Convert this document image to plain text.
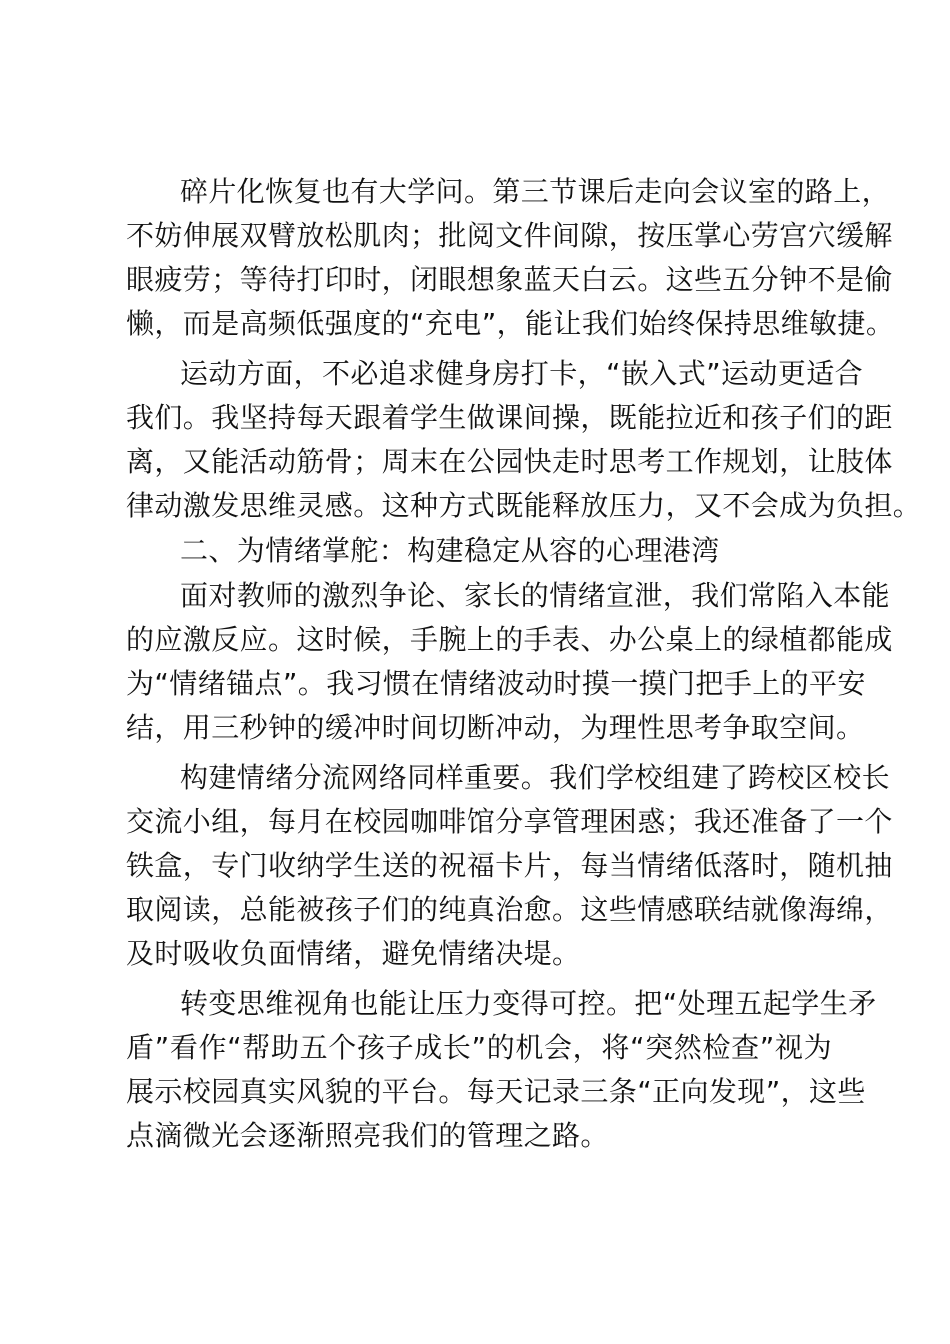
碎片化恢复也有大学问。第三节课后走向会议室的路上，
不妨伸展双臂放松肌肉；批阅文件间隙，按压掌心劳宫穴缓解
眼疲劳；等待打印时，闭眼想象蓝天白云。这些五分钟不是偷
懒，而是高频低强度的“充电”，能让我们始终保持思维敏捷。
运动方面，不必追求健身房打卡，“嵌入式”运动更适合
我们。我坚持每天跟着学生做课间操，既能拉近和孩子们的距
离，又能活动筋骨；周末在公园快走时思考工作规划，让肢体
律动激发思维灵感。这种方式既能释放压力，又不会成为负担。
二、为情绪掌舵：构建稳定从容的心理港湾
面对教师的激烈争论、家长的情绪宣泄，我们常陷入本能
的应激反应。这时候，手腕上的手表、办公桌上的绿植都能成
为“情绪锚点”。我习惯在情绪波动时摸一摸门把手上的平安
结，用三秒钟的缓冲时间切断冲动，为理性思考争取空间。
构建情绪分流网络同样重要。我们学校组建了跨校区校长
交流小组，每月在校园咖啡馆分享管理困惑；我还准备了一个
铁盒，专门收纳学生送的祝福卡片，每当情绪低落时，随机抽
取阅读，总能被孩子们的纯真治愈。这些情感联结就像海绵，
及时吸收负面情绪，避免情绪决堤。
转变思维视角也能让压力变得可控。把“处理五起学生矛
盾”看作“帮助五个孩子成长”的机会，将“突然检查”视为
展示校园真实风貌的平台。每天记录三条“正向发现”，这些
点滴微光会逐渐照亮我们的管理之路。
